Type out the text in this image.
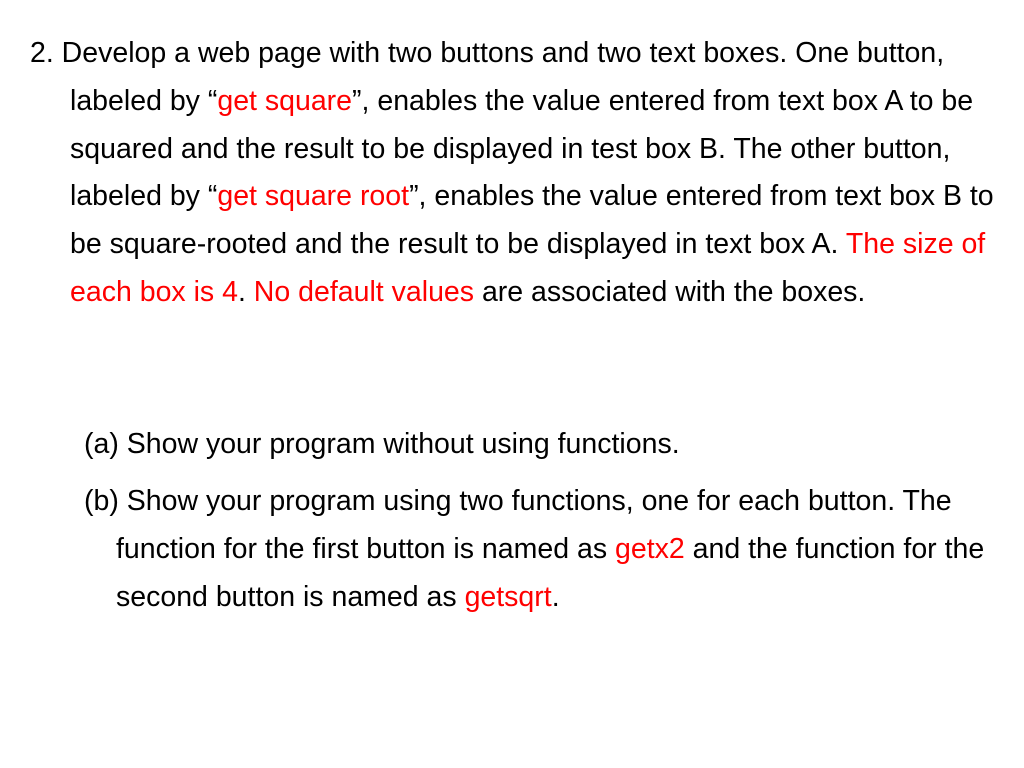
2. Develop a web page with two buttons and two text boxes. One button, labeled by “get square”, enables the value entered from text box A to be squared and the result to be displayed in test box B. The other button, labeled by “get square root”, enables the value entered from text box B to be square-rooted and the result to be displayed in text box A. The size of each box is 4. No default values are associated with the boxes.

(a) Show your program without using functions.

(b) Show your program using two functions, one for each button. The function for the first button is named as getx2 and the function for the second button is named as getsqrt.
